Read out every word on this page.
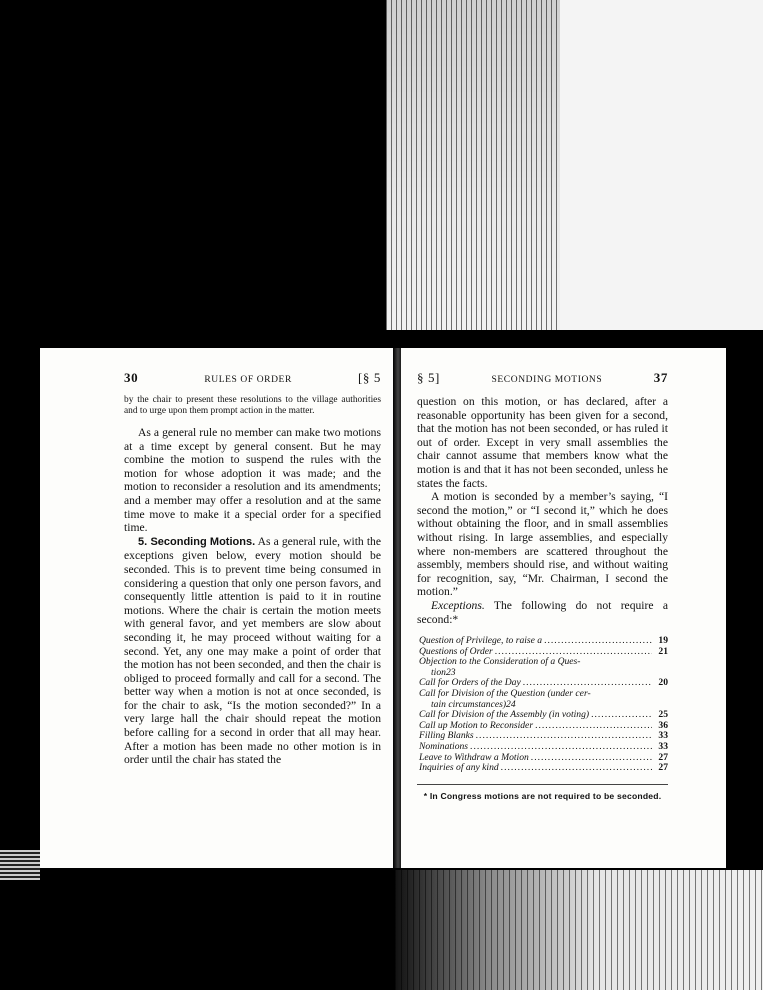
30	RULES OF ORDER	[§ 5

by the chair to present these resolutions to the village authorities and to urge upon them prompt action in the matter.

As a general rule no member can make two motions at a time except by general consent. But he may combine the motion to suspend the rules with the motion for whose adoption it was made; and the motion to reconsider a resolution and its amendments; and a member may offer a resolution and at the same time move to make it a special order for a specified time.

5. Seconding Motions. As a general rule, with the exceptions given below, every motion should be seconded. This is to prevent time being consumed in considering a question that only one person favors, and consequently little attention is paid to it in routine motions. Where the chair is certain the motion meets with general favor, and yet members are slow about seconding it, he may proceed without waiting for a second. Yet, any one may make a point of order that the motion has not been seconded, and then the chair is obliged to proceed formally and call for a second. The better way when a motion is not at once seconded, is for the chair to ask, “Is the motion seconded?” In a very large hall the chair should repeat the motion before calling for a second in order that all may hear. After a motion has been made no other motion is in order until the chair has stated the

§ 5]	SECONDING MOTIONS	37

question on this motion, or has declared, after a reasonable opportunity has been given for a second, that the motion has not been seconded, or has ruled it out of order. Except in very small assemblies the chair cannot assume that members know what the motion is and that it has not been seconded, unless he states the facts.

A motion is seconded by a member’s saying, “I second the motion,” or “I second it,” which he does without obtaining the floor, and in small assemblies without rising. In large assemblies, and especially where non-members are scattered throughout the assembly, members should rise, and without waiting for recognition, say, “Mr. Chairman, I second the motion.”

Exceptions. The following do not require a second:*

Question of Privilege, to raise a .....	19
Questions of Order .....	21
Objection to the Consideration of a Ques-
tion 23
Call for Orders of the Day .....	20
Call for Division of the Question (under cer-
tain circumstances) 24
Call for Division of the Assembly (in voting) .....	25
Call up Motion to Reconsider .....	36
Filling Blanks .....	33
Nominations .....	33
Leave to Withdraw a Motion .....	27
Inquiries of any kind .....	27
* In Congress motions are not required to be seconded.
